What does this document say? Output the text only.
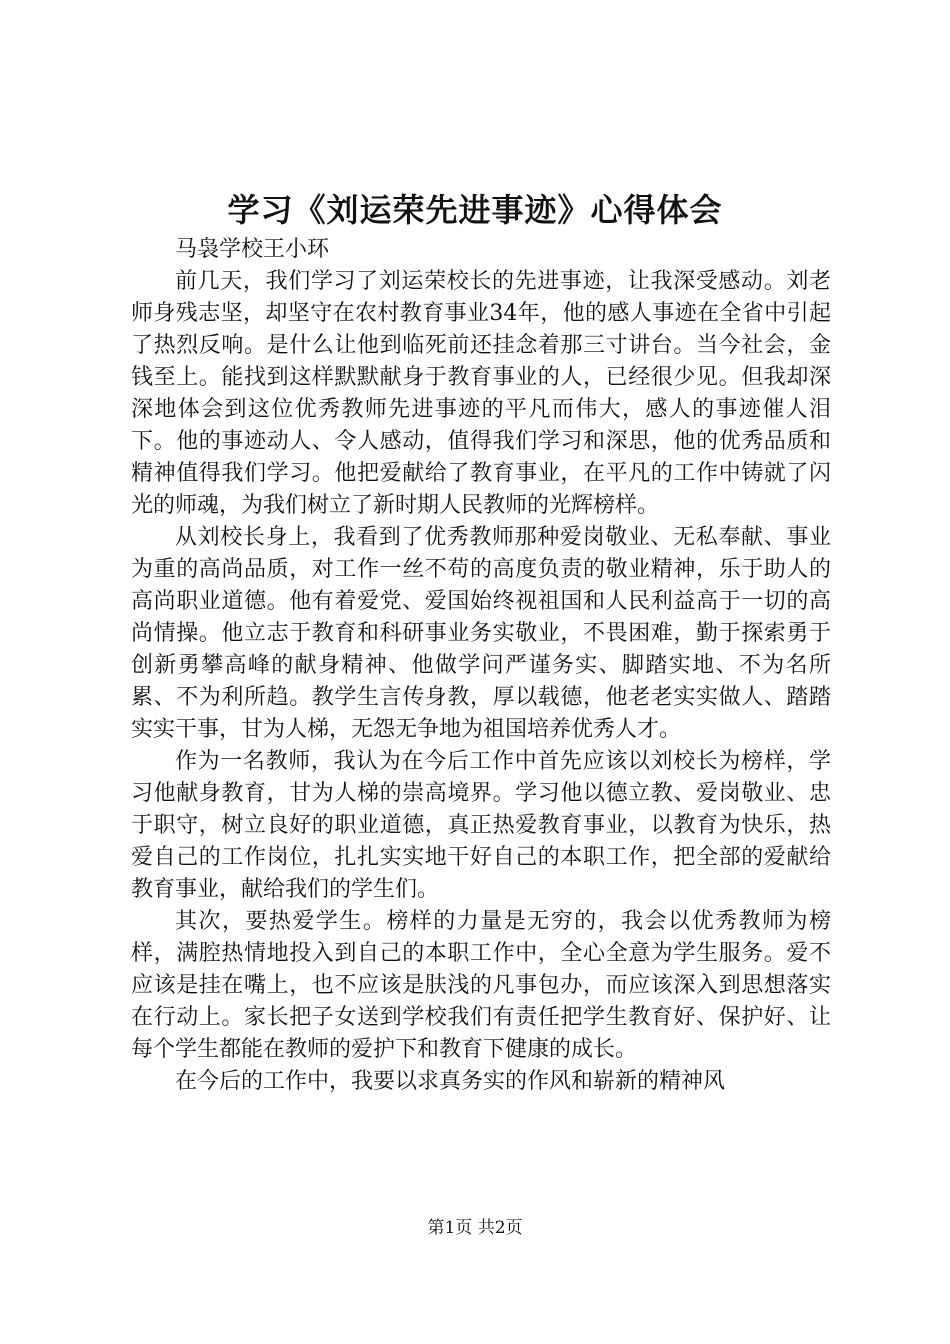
学习《刘运荣先进事迹》心得体会
马袅学校王小环

前几天，我们学习了刘运荣校长的先进事迹，让我深受感动。刘老师身残志坚，却坚守在农村教育事业34年，他的感人事迹在全省中引起了热烈反响。是什么让他到临死前还挂念着那三寸讲台。当今社会，金钱至上。能找到这样默默献身于教育事业的人，已经很少见。但我却深深地体会到这位优秀教师先进事迹的平凡而伟大，感人的事迹催人泪下。他的事迹动人、令人感动，值得我们学习和深思，他的优秀品质和精神值得我们学习。他把爱献给了教育事业，在平凡的工作中铸就了闪光的师魂，为我们树立了新时期人民教师的光辉榜样。

从刘校长身上，我看到了优秀教师那种爱岗敬业、无私奉献、事业为重的高尚品质，对工作一丝不苟的高度负责的敬业精神，乐于助人的高尚职业道德。他有着爱党、爱国始终视祖国和人民利益高于一切的高尚情操。他立志于教育和科研事业务实敬业，不畏困难，勤于探索勇于创新勇攀高峰的献身精神、他做学问严谨务实、脚踏实地、不为名所累、不为利所趋。教学生言传身教，厚以载德，他老老实实做人、踏踏实实干事，甘为人梯，无怨无争地为祖国培养优秀人才。

作为一名教师，我认为在今后工作中首先应该以刘校长为榜样，学习他献身教育，甘为人梯的崇高境界。学习他以德立教、爱岗敬业、忠于职守，树立良好的职业道德，真正热爱教育事业，以教育为快乐，热爱自己的工作岗位，扎扎实实地干好自己的本职工作，把全部的爱献给教育事业，献给我们的学生们。

其次，要热爱学生。榜样的力量是无穷的，我会以优秀教师为榜样，满腔热情地投入到自己的本职工作中，全心全意为学生服务。爱不应该是挂在嘴上，也不应该是肤浅的凡事包办，而应该深入到思想落实在行动上。家长把子女送到学校我们有责任把学生教育好、保护好、让每个学生都能在教师的爱护下和教育下健康的成长。

在今后的工作中，我要以求真务实的作风和崭新的精神风

第1页 共2页
